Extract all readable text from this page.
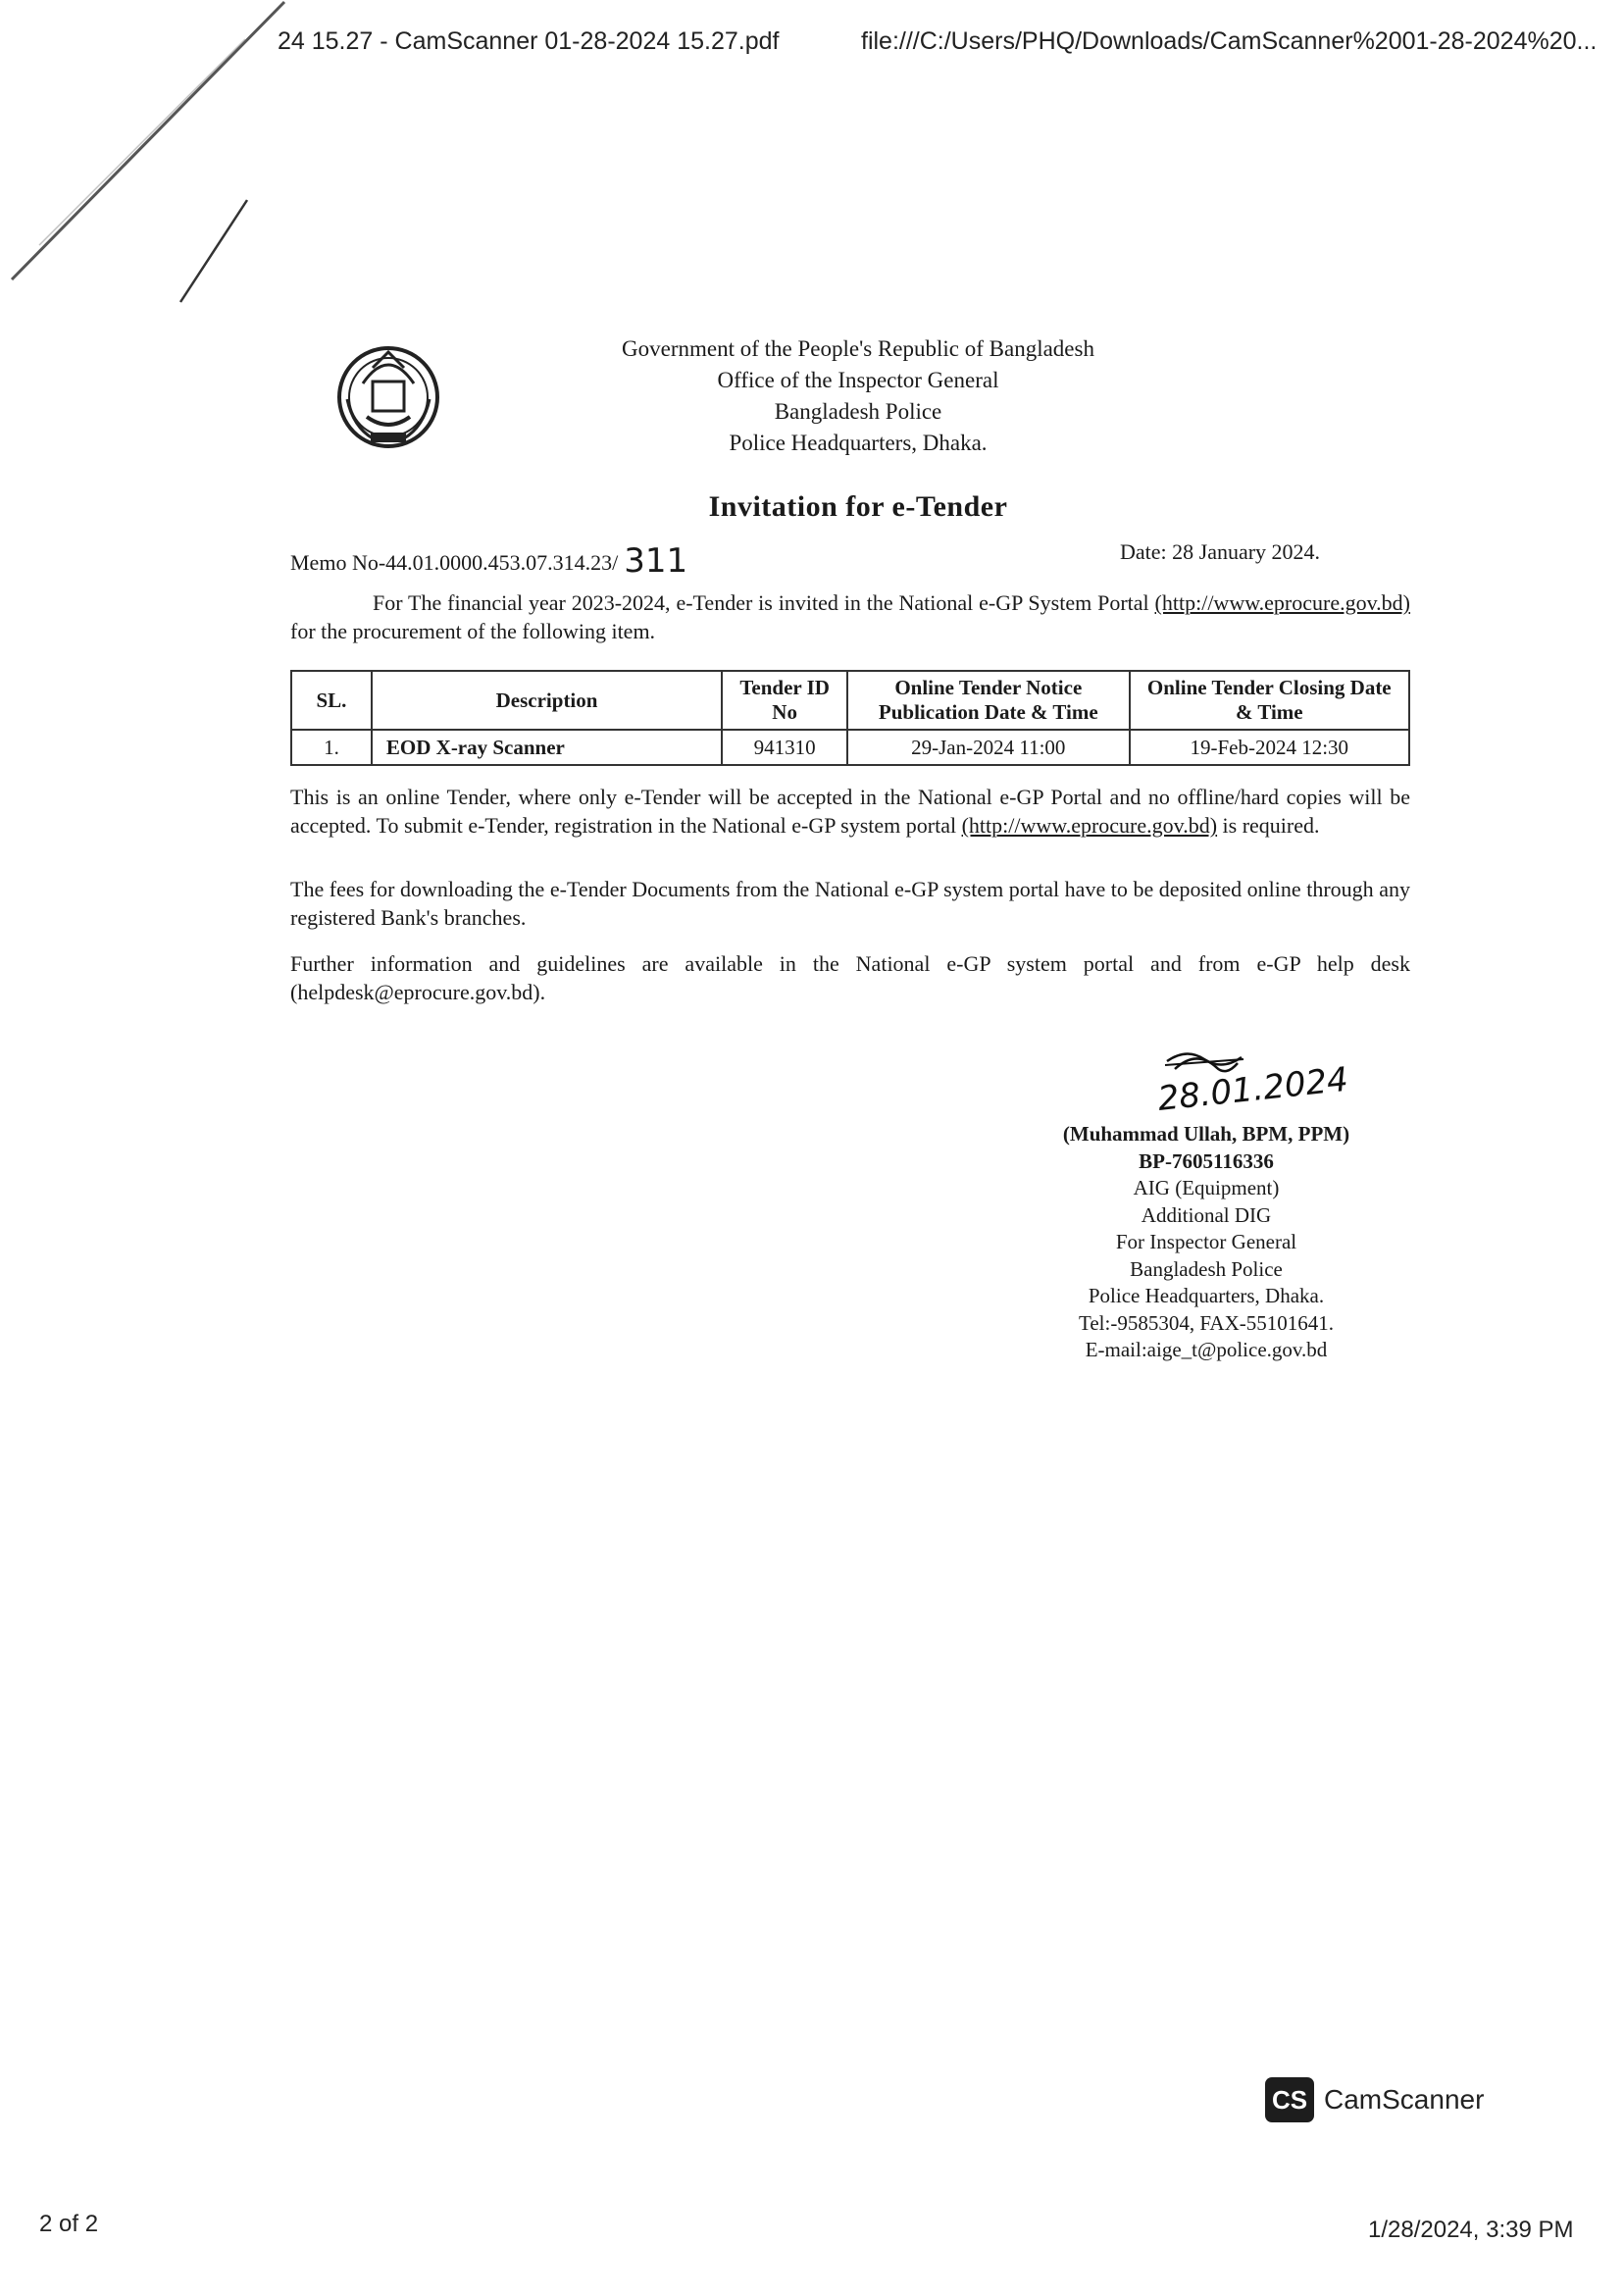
24 15.27 - CamScanner 01-28-2024 15.27.pdf	file:///C:/Users/PHQ/Downloads/CamScanner%2001-28-2024%20...
Government of the People's Republic of Bangladesh
Office of the Inspector General
Bangladesh Police
Police Headquarters, Dhaka.
Invitation for e-Tender
Memo No-44.01.0000.453.07.314.23/ 311	Date: 28 January 2024.
For The financial year 2023-2024, e-Tender is invited in the National e-GP System Portal (http://www.eprocure.gov.bd) for the procurement of the following item.
SL.	Description	Tender ID No	Online Tender Notice Publication Date & Time	Online Tender Closing Date & Time
1.	EOD X-ray Scanner	941310	29-Jan-2024 11:00	19-Feb-2024 12:30
This is an online Tender, where only e-Tender will be accepted in the National e-GP Portal and no offline/hard copies will be accepted. To submit e-Tender, registration in the National e-GP system portal (http://www.eprocure.gov.bd) is required.
The fees for downloading the e-Tender Documents from the National e-GP system portal have to be deposited online through any registered Bank's branches.
Further information and guidelines are available in the National e-GP system portal and from e-GP help desk (helpdesk@eprocure.gov.bd).
28.01.2024
(Muhammad Ullah, BPM, PPM)
BP-7605116336
AIG (Equipment)
Additional DIG
For Inspector General
Bangladesh Police
Police Headquarters, Dhaka.
Tel:-9585304, FAX-55101641.
E-mail:aige_t@police.gov.bd
CS CamScanner
2 of 2	1/28/2024, 3:39 PM
